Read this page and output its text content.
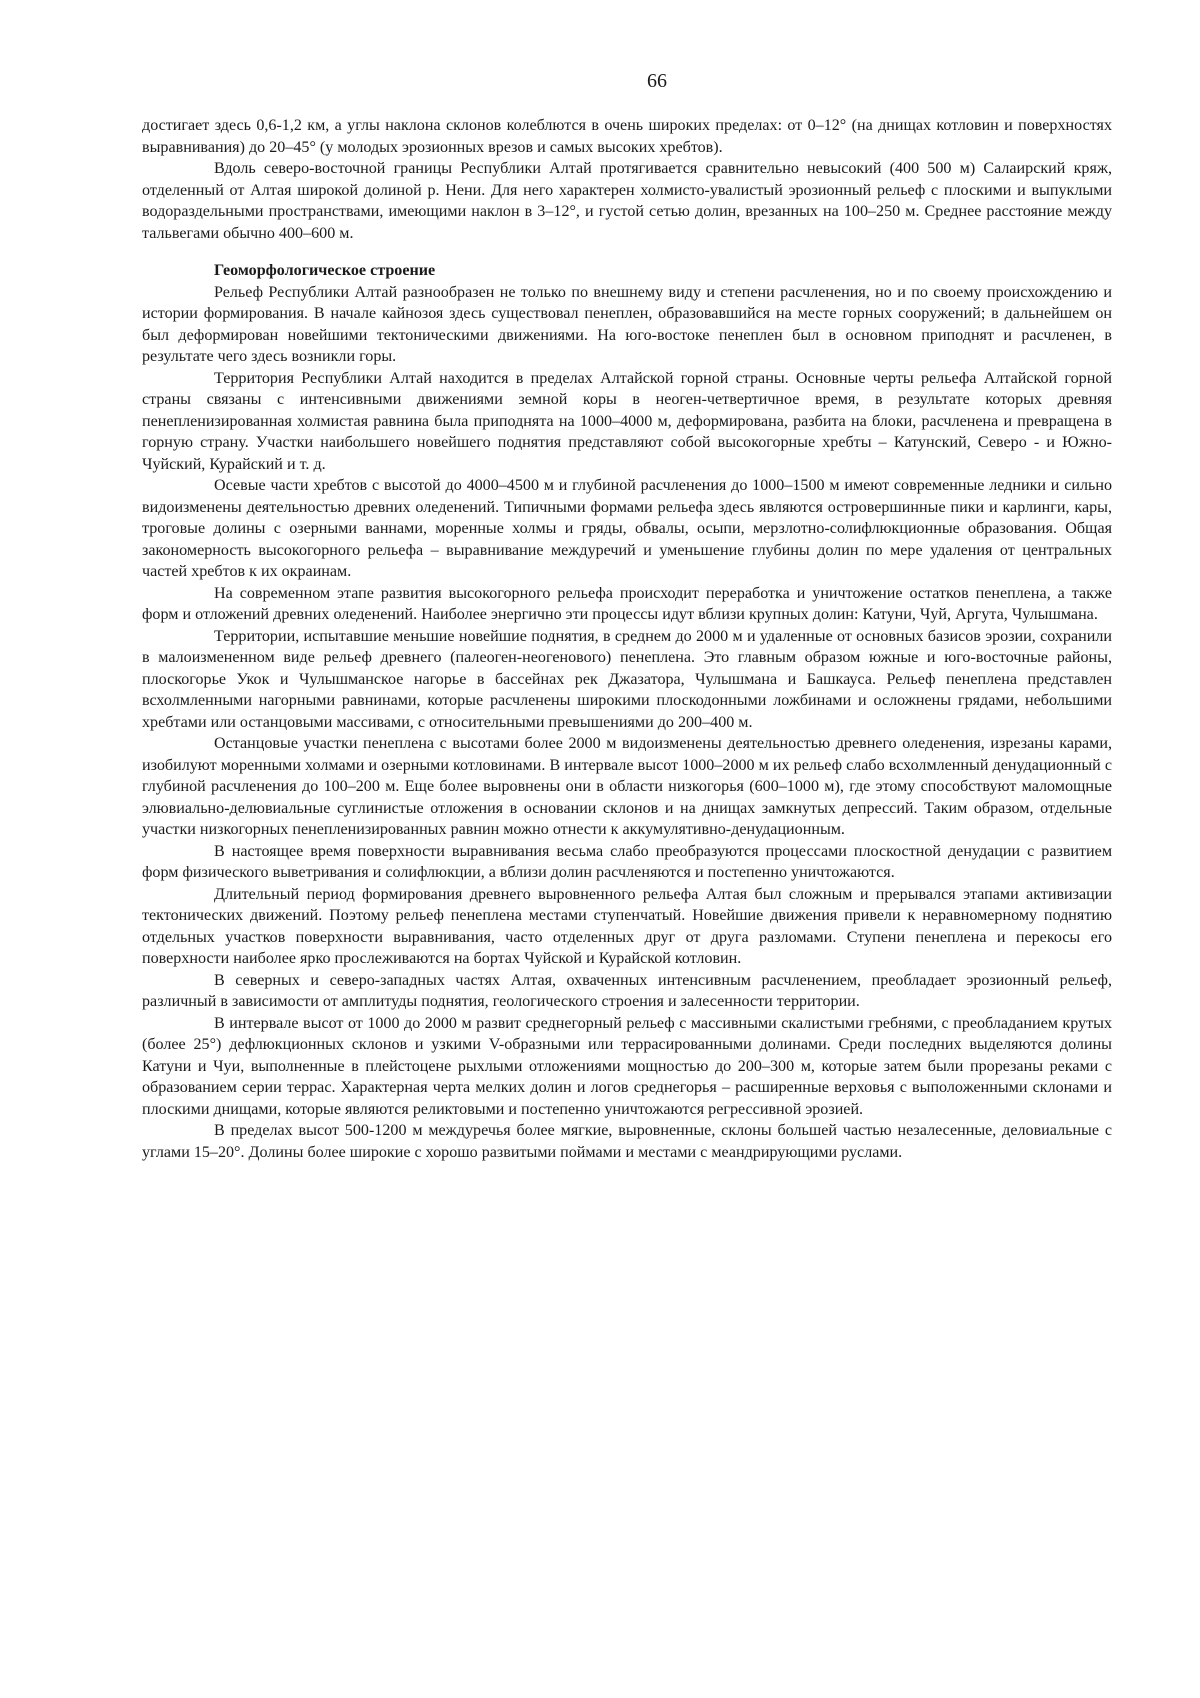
66

достигает здесь 0,6-1,2 км, а углы наклона склонов колеблются в очень широких пределах: от 0–12° (на днищах котловин и поверхностях выравнивания) до 20–45° (у молодых эрозионных врезов и самых высоких хребтов).

Вдоль северо-восточной границы Республики Алтай протягивается сравнительно невысокий (400 500 м) Салаирский кряж, отделенный от Алтая широкой долиной р. Нени. Для него характерен холмисто-увалистый эрозионный рельеф с плоскими и выпуклыми водораздельными пространствами, имеющими наклон в 3–12°, и густой сетью долин, врезанных на 100–250 м. Среднее расстояние между тальвегами обычно 400–600 м.

Геоморфологическое строение

Рельеф Республики Алтай разнообразен не только по внешнему виду и степени расчленения, но и по своему происхождению и истории формирования. В начале кайнозоя здесь существовал пенеплен, образовавшийся на месте горных сооружений; в дальнейшем он был деформирован новейшими тектоническими движениями. На юго-востоке пенеплен был в основном приподнят и расчленен, в результате чего здесь возникли горы.

Территория Республики Алтай находится в пределах Алтайской горной страны. Основные черты рельефа Алтайской горной страны связаны с интенсивными движениями земной коры в неоген-четвертичное время, в результате которых древняя пенепленизированная холмистая равнина была приподнята на 1000–4000 м, деформирована, разбита на блоки, расчленена и превращена в горную страну. Участки наибольшего новейшего поднятия представляют собой высокогорные хребты – Катунский, Северо - и Южно-Чуйский, Курайский и т. д.

Осевые части хребтов с высотой до 4000–4500 м и глубиной расчленения до 1000–1500 м имеют современные ледники и сильно видоизменены деятельностью древних оледенений. Типичными формами рельефа здесь являются островершинные пики и карлинги, кары, троговые долины с озерными ваннами, моренные холмы и гряды, обвалы, осыпи, мерзлотно-солифлюкционные образования. Общая закономерность высокогорного рельефа – выравнивание междуречий и уменьшение глубины долин по мере удаления от центральных частей хребтов к их окраинам.

На современном этапе развития высокогорного рельефа происходит переработка и уничтожение остатков пенеплена, а также форм и отложений древних оледенений. Наиболее энергично эти процессы идут вблизи крупных долин: Катуни, Чуй, Аргута, Чулышмана.

Территории, испытавшие меньшие новейшие поднятия, в среднем до 2000 м и удаленные от основных базисов эрозии, сохранили в малоизмененном виде рельеф древнего (палеоген-неогенового) пенеплена. Это главным образом южные и юго-восточные районы, плоскогорье Укок и Чулышманское нагорье в бассейнах рек Джазатора, Чулышмана и Башкауса. Рельеф пенеплена представлен всхолмленными нагорными равнинами, которые расчленены широкими плоскодонными ложбинами и осложнены грядами, небольшими хребтами или останцовыми массивами, с относительными превышениями до 200–400 м.

Останцовые участки пенеплена с высотами более 2000 м видоизменены деятельностью древнего оледенения, изрезаны карами, изобилуют моренными холмами и озерными котловинами. В интервале высот 1000–2000 м их рельеф слабо всхолмленный денудационный с глубиной расчленения до 100–200 м. Еще более выровнены они в области низкогорья (600–1000 м), где этому способствуют маломощные элювиально-делювиальные суглинистые отложения в основании склонов и на днищах замкнутых депрессий. Таким образом, отдельные участки низкогорных пенепленизированных равнин можно отнести к аккумулятивно-денудационным.

В настоящее время поверхности выравнивания весьма слабо преобразуются процессами плоскостной денудации с развитием форм физического выветривания и солифлюкции, а вблизи долин расчленяются и постепенно уничтожаются.

Длительный период формирования древнего выровненного рельефа Алтая был сложным и прерывался этапами активизации тектонических движений. Поэтому рельеф пенеплена местами ступенчатый. Новейшие движения привели к неравномерному поднятию отдельных участков поверхности выравнивания, часто отделенных друг от друга разломами. Ступени пенеплена и перекосы его поверхности наиболее ярко прослеживаются на бортах Чуйской и Курайской котловин.

В северных и северо-западных частях Алтая, охваченных интенсивным расчленением, преобладает эрозионный рельеф, различный в зависимости от амплитуды поднятия, геологического строения и залесенности территории.

В интервале высот от 1000 до 2000 м развит среднегорный рельеф с массивными скалистыми гребнями, с преобладанием крутых (более 25°) дефлюкционных склонов и узкими V-образными или террасированными долинами. Среди последних выделяются долины Катуни и Чуи, выполненные в плейстоцене рыхлыми отложениями мощностью до 200–300 м, которые затем были прорезаны реками с образованием серии террас. Характерная черта мелких долин и логов среднегорья – расширенные верховья с выположенными склонами и плоскими днищами, которые являются реликтовыми и постепенно уничтожаются регрессивной эрозией.

В пределах высот 500-1200 м междуречья более мягкие, выровненные, склоны большей частью незалесенные, деловиальные с углами 15–20°. Долины более широкие с хорошо развитыми поймами и местами с меандрирующими руслами.
